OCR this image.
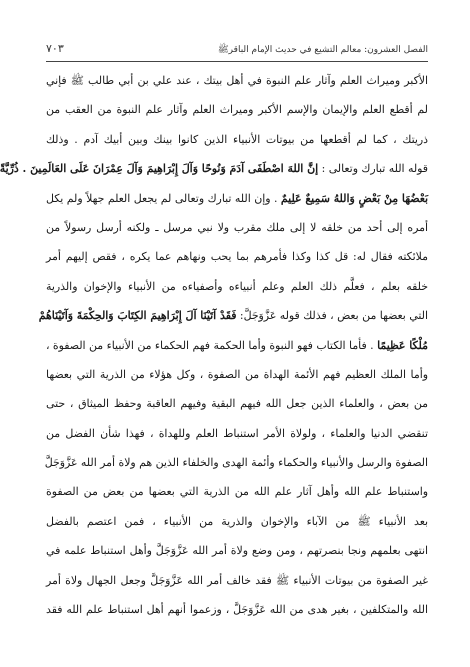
الفصل العشرون: معالم التشيع في حديث الإمام الباقرﷺ
٧٠٣
الأكبر وميراث العلم وآثار علم النبوة في أهل بيتك ، عند علي بن أبي طالب ﷺ فإني
لم أقطع العلم والإيمان والإسم الأكبر وميراث العلم وآثار علم النبوة من العقب من
ذريتك ، كما لم أقطعها من بيوتات الأنبياء الذين كانوا بينك وبين أبيك آدم . وذلك
قوله الله تبارك وتعالى : إنَّ اللهَ اصْطَفَى آدَمَ وَنُوحًا وَآلَ إِبْرَاهِيمَ وَآلَ عِمْرَانَ عَلَى العَالَمِينَ . ذُرِّيَّةً
بَعْضُهَا مِنْ بَعْضٍ وَاللهُ سَمِيعٌ عَلِيمٌ . وإن الله تبارك وتعالى لم يجعل العلم جهلاً ولم يكل
أمره إلى أحد من خلقه لا إلى ملك مقرب ولا نبي مرسل ـ ولكنه أرسل رسولاً من
ملائكته فقال له: قل كذا وكذا فأمرهم بما يحب ونهاهم عما يكره ، فقص إليهم أمر
خلقه بعلم ، فعلَّم ذلك العلم وعلم أنبياءه وأصفياءه من الأنبياء والإخوان والذرية
التي بعضها من بعض ، فذلك قوله عَزَّوَجَلَّ: فَقَدْ آتَيْنَا آلَ إِبْرَاهِيمَ الكِتَابَ وَالحِكْمَةَ وَآتَيْنَاهُمْ
مُلْكًا عَظِيمًا . فأما الكتاب فهو النبوة وأما الحكمة فهم الحكماء من الأنبياء من الصفوة ،
وأما الملك العظيم فهم الأئمة الهداة من الصفوة ، وكل هؤلاء من الذرية التي بعضها
من بعض ، والعلماء الذين جعل الله فيهم البقية وفيهم العاقبة وحفظ الميثاق ، حتى
تنقضي الدنيا والعلماء ، ولولاة الأمر استنباط العلم وللهداة ، فهذا شأن الفضل من
الصفوة والرسل والأنبياء والحكماء وأئمة الهدى والخلفاء الذين هم ولاة أمر الله عَزَّوَجَلَّ
واستنباط علم الله وأهل آثار علم الله من الذرية التي بعضها من بعض من الصفوة
بعد الأنبياء ﷺ من الآباء والإخوان والذرية من الأنبياء ، فمن اعتصم بالفضل
انتهى بعلمهم ونجا بنصرتهم ، ومن وضع ولاة أمر الله عَزَّوَجَلَّ وأهل استنباط علمه في
غير الصفوة من بيوتات الأنبياء ﷺ فقد خالف أمر الله عَزَّوَجَلَّ وجعل الجهال ولاة أمر
الله والمتكلفين ، بغير هدى من الله عَزَّوَجَلَّ ، وزعموا أنهم أهل استنباط علم الله فقد
